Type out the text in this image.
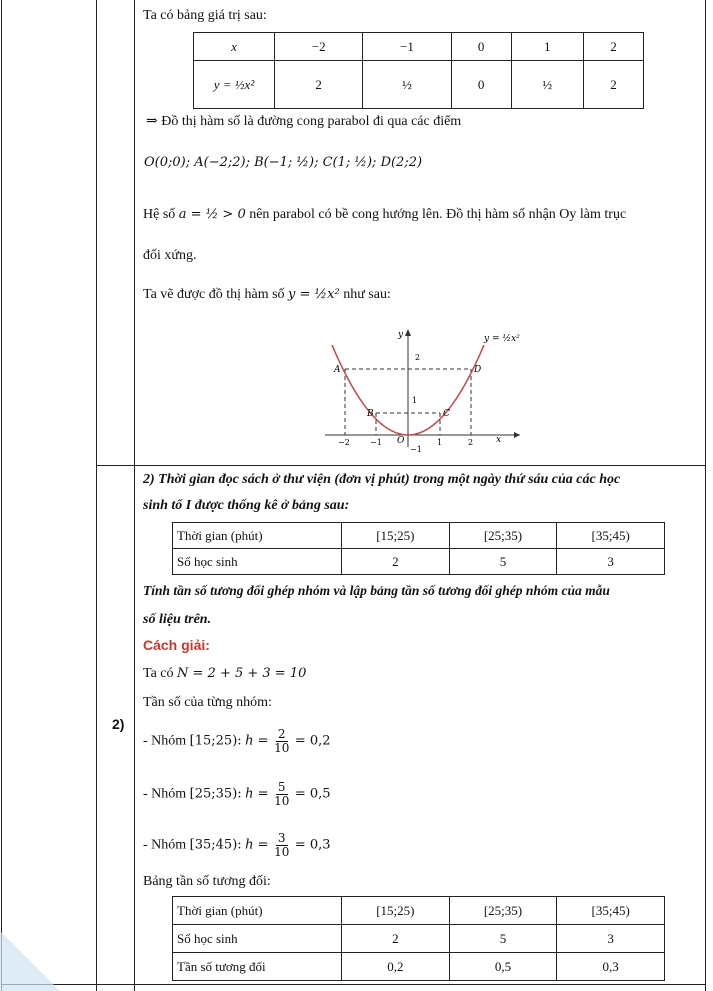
Ta có bảng giá trị sau:
x	−2	−1	0	1	2
y = ½x²	2	½	0	½	2
⇒ Đồ thị hàm số là đường cong parabol đi qua các điểm
O(0;0); A(−2;2); B(−1; ½); C(1; ½); D(2;2)
Hệ số a = ½ > 0 nên parabol có bề cong hướng lên. Đồ thị hàm số nhận Oy làm trục
đối xứng.
Ta vẽ được đồ thị hàm số y = ½x² như sau:
y = ½x²
y
x
O
A	D
B	C
−2	−1	1	2
2
1
−1
2)
2) Thời gian đọc sách ở thư viện (đơn vị phút) trong một ngày thứ sáu của các học
sinh tổ I được thống kê ở bảng sau:
Thời gian (phút)	[15;25)	[25;35)	[35;45)
Số học sinh	2	5	3
Tính tần số tương đối ghép nhóm và lập bảng tần số tương đối ghép nhóm của mẫu
số liệu trên.
Cách giải:
Ta có N = 2 + 5 + 3 = 10
Tần số của từng nhóm:
- Nhóm [15;25): $h = \frac{2}{10} = 0,2$
- Nhóm [25;35): $h = \frac{5}{10} = 0,5$
- Nhóm [35;45): $h = \frac{3}{10} = 0,3$
Bảng tần số tương đối:
Thời gian (phút)	[15;25)	[25;35)	[35;45)
Số học sinh	2	5	3
Tần số tương đối	0,2	0,5	0,3
